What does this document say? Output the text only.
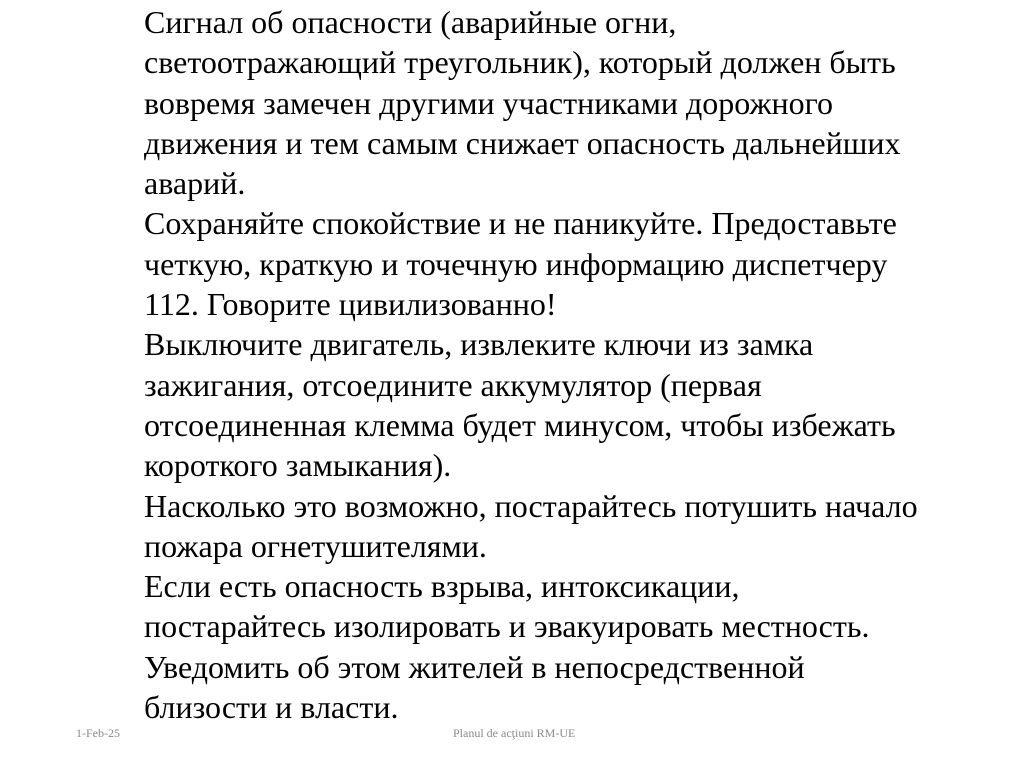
Сигнал об опасности (аварийные огни,
светоотражающий треугольник), который должен быть
вовремя замечен другими участниками дорожного
движения и тем самым снижает опасность дальнейших
аварий.

Сохраняйте спокойствие и не паникуйте. Предоставьте
четкую, краткую и точечную информацию диспетчеру
112. Говорите цивилизованно!

Выключите двигатель, извлеките ключи из замка
зажигания, отсоедините аккумулятор (первая
отсоединенная клемма будет минусом, чтобы избежать
короткого замыкания).

Насколько это возможно, постарайтесь потушить начало
пожара огнетушителями.

Если есть опасность взрыва, интоксикации,
постарайтесь изолировать и эвакуировать местность.

Уведомить об этом жителей в непосредственной
близости и власти.

1-Feb-25	Planul de acţiuni RM-UE
